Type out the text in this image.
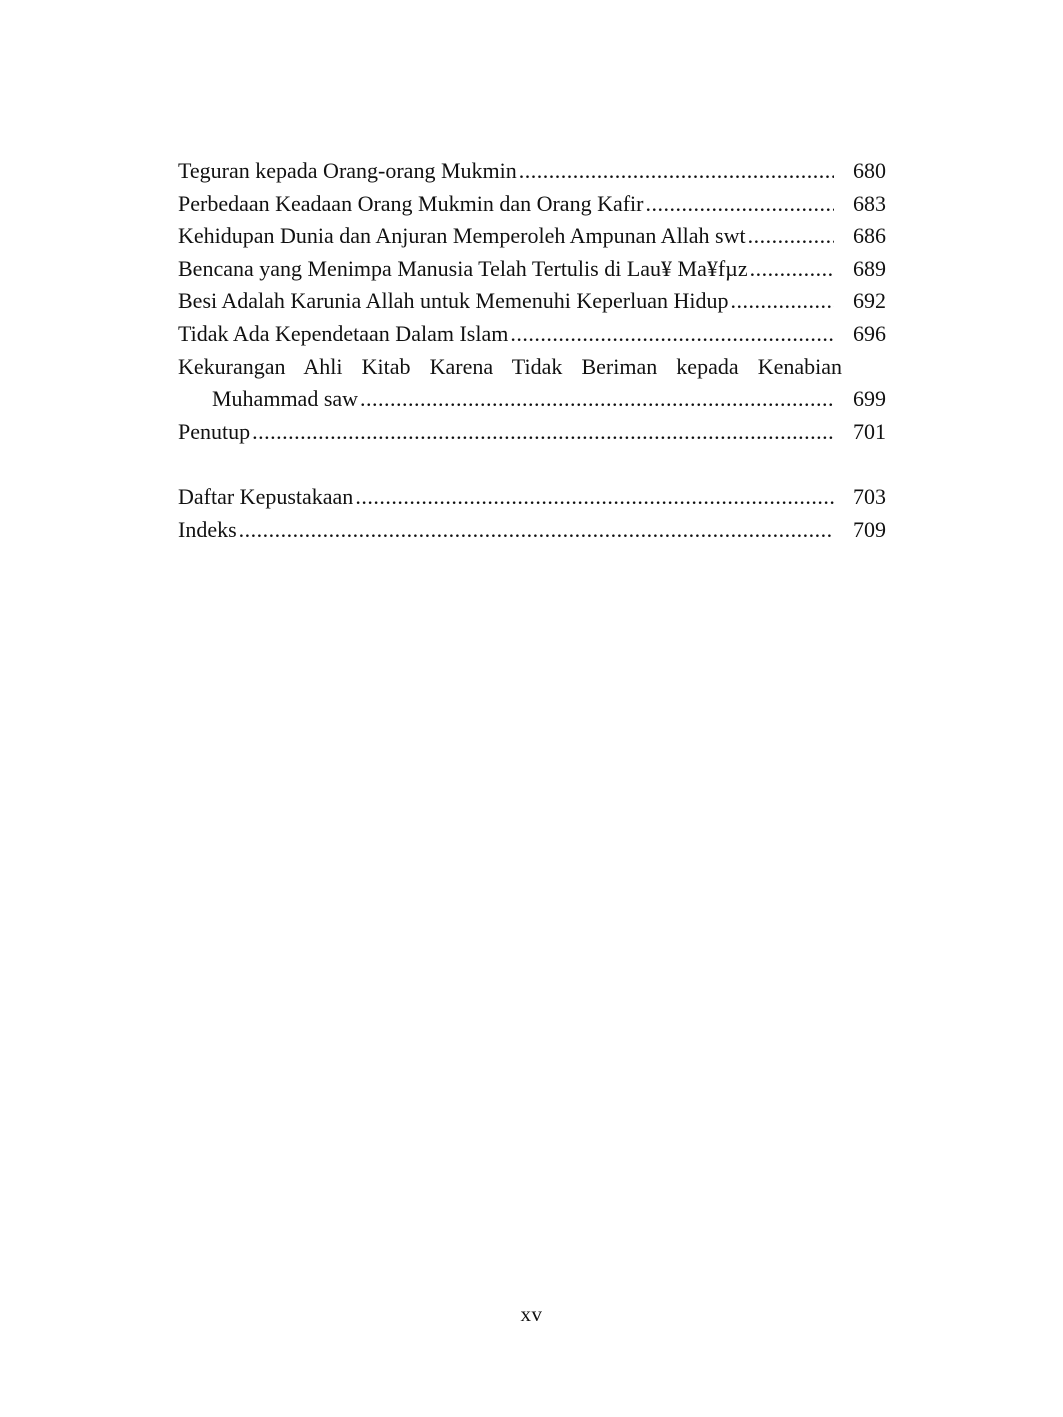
Teguran kepada Orang-orang Mukmin .....	680
Perbedaan Keadaan Orang Mukmin dan Orang Kafir .....	683
Kehidupan Dunia dan Anjuran Memperoleh Ampunan Allah swt .....	686
Bencana yang Menimpa Manusia Telah Tertulis di Lau¥ Ma¥fµz .....	689
Besi Adalah Karunia Allah untuk Memenuhi Keperluan Hidup .....	692
Tidak Ada Kependetaan Dalam Islam .....	696
Kekurangan Ahli Kitab Karena Tidak Beriman kepada Kenabian
Muhammad saw .....	699
Penutup .....	701
Daftar Kepustakaan .....	703
Indeks .....	709
xv
